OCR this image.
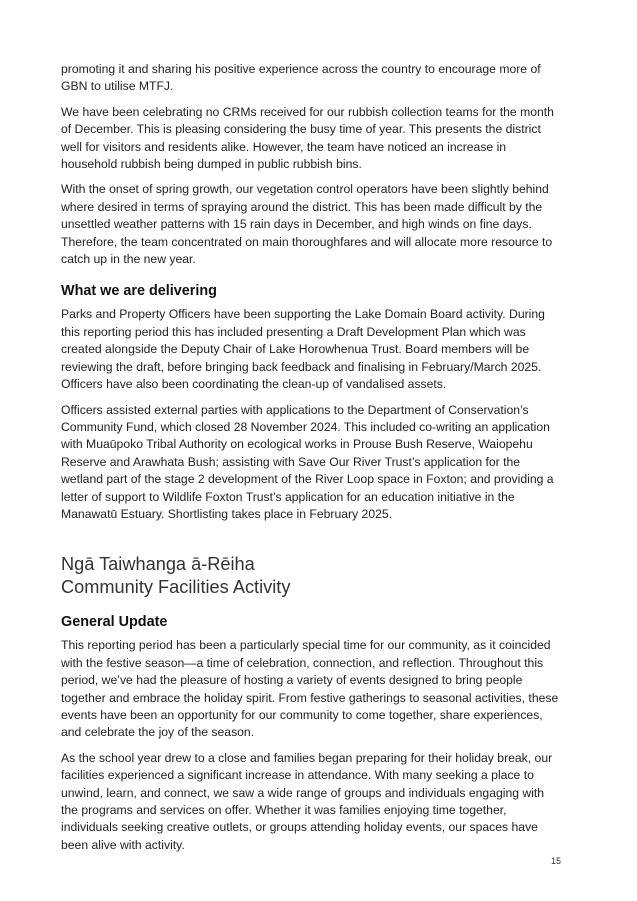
promoting it and sharing his positive experience across the country to encourage more of GBN to utilise MTFJ.

We have been celebrating no CRMs received for our rubbish collection teams for the month of December. This is pleasing considering the busy time of year. This presents the district well for visitors and residents alike. However, the team have noticed an increase in household rubbish being dumped in public rubbish bins.

With the onset of spring growth, our vegetation control operators have been slightly behind where desired in terms of spraying around the district. This has been made difficult by the unsettled weather patterns with 15 rain days in December, and high winds on fine days. Therefore, the team concentrated on main thoroughfares and will allocate more resource to catch up in the new year.

What we are delivering

Parks and Property Officers have been supporting the Lake Domain Board activity. During this reporting period this has included presenting a Draft Development Plan which was created alongside the Deputy Chair of Lake Horowhenua Trust. Board members will be reviewing the draft, before bringing back feedback and finalising in February/March 2025. Officers have also been coordinating the clean-up of vandalised assets.

Officers assisted external parties with applications to the Department of Conservation’s Community Fund, which closed 28 November 2024. This included co-writing an application with Muaūpoko Tribal Authority on ecological works in Prouse Bush Reserve, Waiopehu Reserve and Arawhata Bush; assisting with Save Our River Trust’s application for the wetland part of the stage 2 development of the River Loop space in Foxton; and providing a letter of support to Wildlife Foxton Trust’s application for an education initiative in the Manawatū Estuary. Shortlisting takes place in February 2025.

Ngā Taiwhanga ā-Rēiha
Community Facilities Activity
General Update

This reporting period has been a particularly special time for our community, as it coincided with the festive season—a time of celebration, connection, and reflection. Throughout this period, we’ve had the pleasure of hosting a variety of events designed to bring people together and embrace the holiday spirit. From festive gatherings to seasonal activities, these events have been an opportunity for our community to come together, share experiences, and celebrate the joy of the season.

As the school year drew to a close and families began preparing for their holiday break, our facilities experienced a significant increase in attendance. With many seeking a place to unwind, learn, and connect, we saw a wide range of groups and individuals engaging with the programs and services on offer. Whether it was families enjoying time together, individuals seeking creative outlets, or groups attending holiday events, our spaces have been alive with activity.

15
